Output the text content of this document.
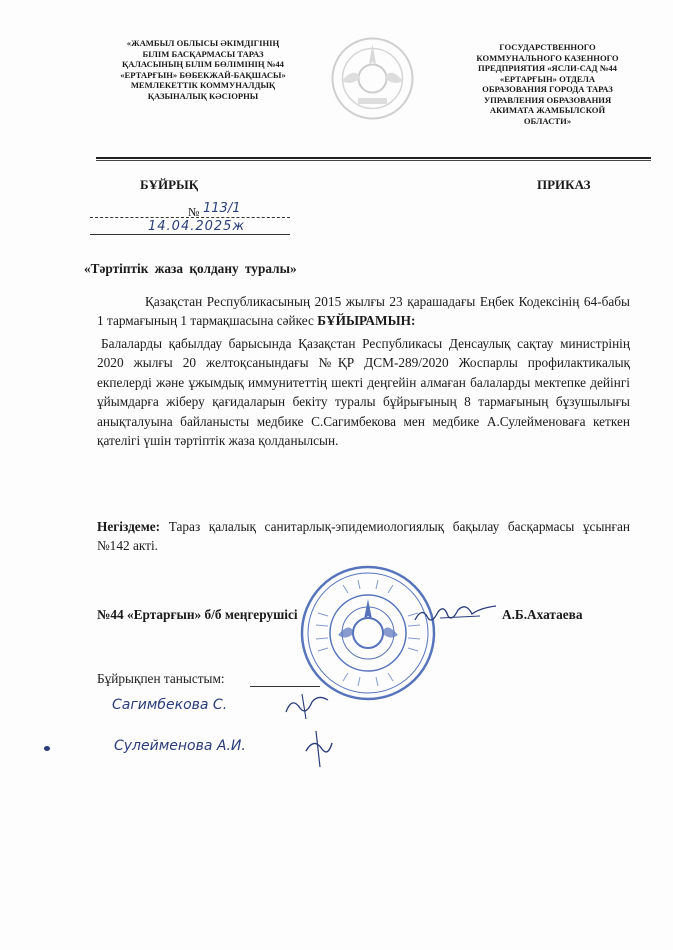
«ЖАМБЫЛ ОБЛЫСЫ ӘКІМДІГІНІҢ
БІЛІМ БАСҚАРМАСЫ ТАРАЗ
ҚАЛАСЫНЫҢ БІЛІМ БӨЛІМІНІҢ №44
«ЕРТАРҒЫН» БӨБЕКЖАЙ-БАҚШАСЫ»
МЕМЛЕКЕТТІК КОММУНАЛДЫҚ
ҚАЗЫНАЛЫҚ КӘСІОРНЫ
ГОСУДАРСТВЕННОГО
КОММУНАЛЬНОГО КАЗЕННОГО
ПРЕДПРИЯТИЯ «ЯСЛИ-САД №44
«ЕРТАРҒЫН» ОТДЕЛА
ОБРАЗОВАНИЯ ГОРОДА ТАРАЗ
УПРАВЛЕНИЯ ОБРАЗОВАНИЯ
АКИМАТА ЖАМБЫЛСКОЙ
ОБЛАСТИ»
БҰЙРЫҚ	ПРИКАЗ
№ 113/1
14.04.2025ж
«Тәртіптік жаза қолдану туралы»
Қазақстан Республикасының 2015 жылғы 23 қарашадағы Еңбек Кодексінің 64-бабы 1 тармағының 1 тармақшасына сәйкес БҰЙЫРАМЫН:
Балаларды қабылдау барысында Қазақстан Республикасы Денсаулық сақтау министрінің 2020 жылғы 20 желтоқсанындағы №ҚР ДСМ-289/2020 Жоспарлы профилактикалық екпелерді және ұжымдық иммунитеттің шекті деңгейін алмаған балаларды мектепке дейінгі ұйымдарға жіберу қағидаларын бекіту туралы бұйрығының 8 тармағының бұзушылығы анықталуына байланысты медбике С.Сагимбекова мен медбике А.Сулейменоваға кеткен қателігі үшін тәртіптік жаза қолданылсын.
Негіздеме: Тараз қалалық санитарлық-эпидемиологиялық бақылау басқармасы ұсынған №142 акті.
№44 «Ертарғын» б/б меңгерушісі	А.Б.Ахатаева
Бұйрықпен таныстым:
Сагимбекова С.
Сулейменова А.И.
